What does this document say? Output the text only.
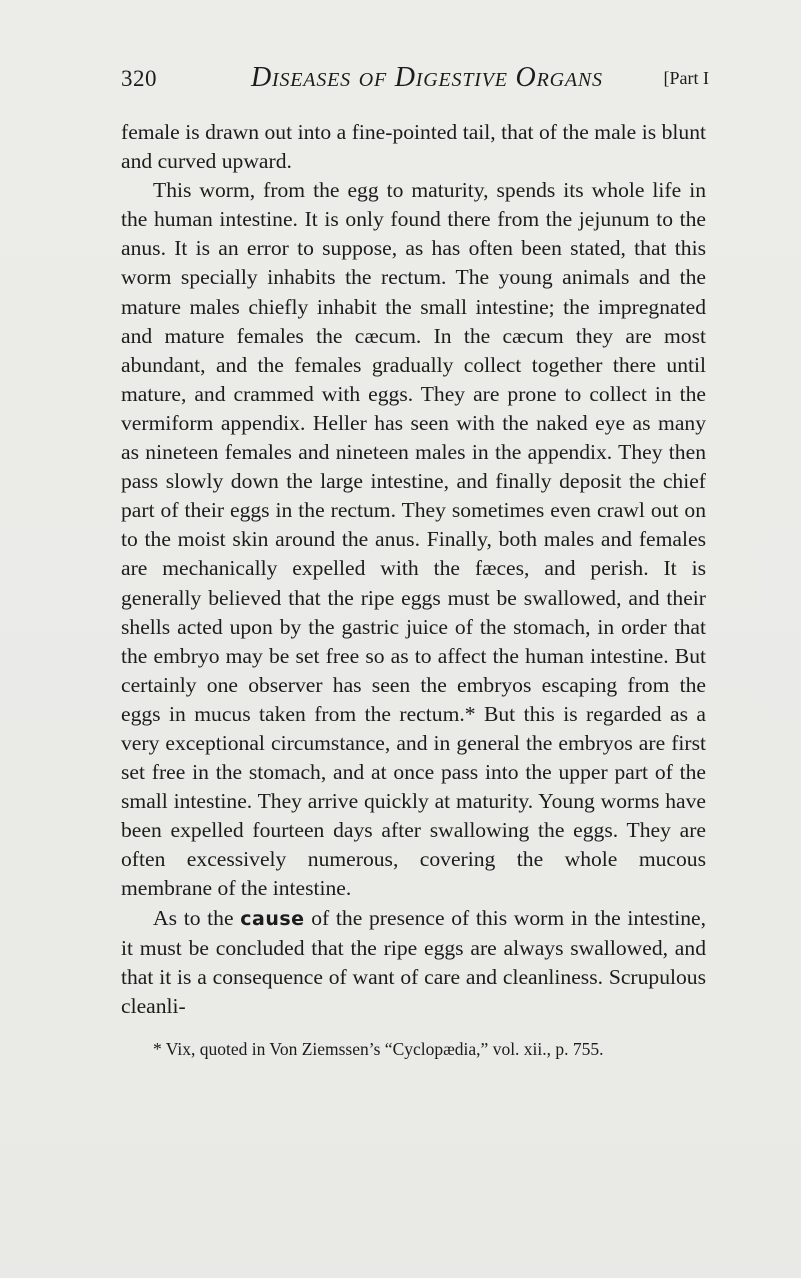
320	Diseases of Digestive Organs	[Part I

female is drawn out into a fine-pointed tail, that of the male is blunt and curved upward.

This worm, from the egg to maturity, spends its whole life in the human intestine. It is only found there from the jejunum to the anus. It is an error to suppose, as has often been stated, that this worm specially inhabits the rectum. The young animals and the mature males chiefly inhabit the small intestine; the impregnated and mature females the cæcum. In the cæcum they are most abundant, and the females gradually collect together there until mature, and crammed with eggs. They are prone to collect in the vermiform appendix. Heller has seen with the naked eye as many as nineteen females and nineteen males in the appendix. They then pass slowly down the large intestine, and finally deposit the chief part of their eggs in the rectum. They sometimes even crawl out on to the moist skin around the anus. Finally, both males and females are mechanically expelled with the fæces, and perish. It is generally believed that the ripe eggs must be swallowed, and their shells acted upon by the gastric juice of the stomach, in order that the embryo may be set free so as to affect the human intestine. But certainly one observer has seen the embryos escaping from the eggs in mucus taken from the rectum.* But this is regarded as a very exceptional circumstance, and in general the embryos are first set free in the stomach, and at once pass into the upper part of the small intestine. They arrive quickly at maturity. Young worms have been expelled fourteen days after swallowing the eggs. They are often excessively numerous, covering the whole mucous membrane of the intestine.

As to the cause of the presence of this worm in the intestine, it must be concluded that the ripe eggs are always swallowed, and that it is a consequence of want of care and cleanliness. Scrupulous cleanli-

* Vix, quoted in Von Ziemssen’s “Cyclopædia,” vol. xii., p. 755.
